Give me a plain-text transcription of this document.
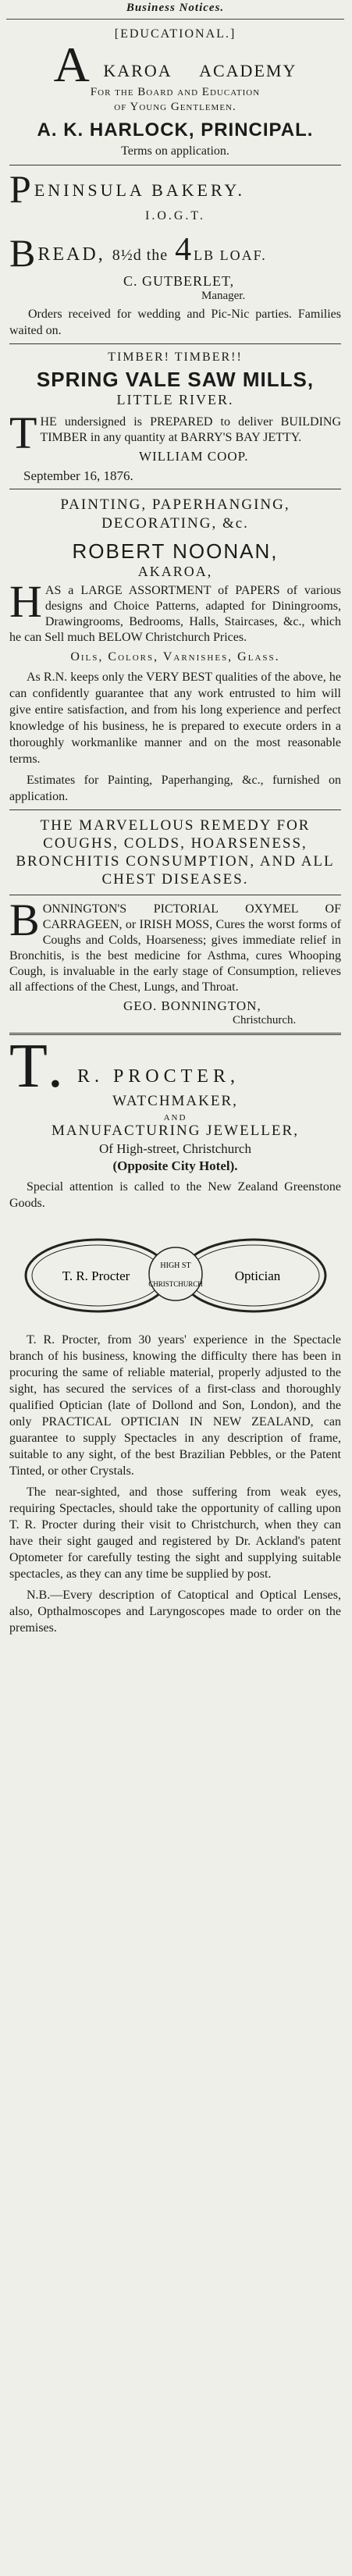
Business Notices.
[EDUCATIONAL.]
A KAROA ACADEMY
For the Board and Education
of Young Gentlemen.
A. K. HARLOCK, PRINCIPAL.
Terms on application.
PENINSULA BAKERY.
I.O.G.T.
BREAD, 8½d the 4LB LOAF.
C. GUTBERLET,
Manager.
Orders received for wedding and Pic-Nic parties. Families waited on.
TIMBER! TIMBER!!
SPRING VALE SAW MILLS,
LITTLE RIVER.
THE undersigned is PREPARED to deliver BUILDING TIMBER in any quantity at BARRY'S BAY JETTY.
WILLIAM COOP.
September 16, 1876.
PAINTING, PAPERHANGING, DECORATING, &c.
ROBERT NOONAN,
AKAROA,
HAS a LARGE ASSORTMENT of PAPERS of various designs and Choice Patterns, adapted for Diningrooms, Drawingrooms, Bedrooms, Halls, Staircases, &c., which he can Sell much BELOW Christchurch Prices.
Oils, Colors, Varnishes, Glass.
As R.N. keeps only the VERY BEST qualities of the above, he can confidently guarantee that any work entrusted to him will give entire satisfaction, and from his long experience and perfect knowledge of his business, he is prepared to execute orders in a thoroughly workmanlike manner and on the most reasonable terms.
Estimates for Painting, Paperhanging, &c., furnished on application.
THE MARVELLOUS REMEDY FOR COUGHS, COLDS, HOARSENESS, BRONCHITIS CONSUMPTION, AND ALL CHEST DISEASES.
BONNINGTON'S PICTORIAL OXYMEL OF CARRAGEEN, or IRISH MOSS, Cures the worst forms of Coughs and Colds, Hoarseness; gives immediate relief in Bronchitis, is the best medicine for Asthma, cures Whooping Cough, is invaluable in the early stage of Consumption, relieves all affections of the Chest, Lungs, and Throat.
GEO. BONNINGTON,
Christchurch.
T. R. PROCTER,
WATCHMAKER,
AND
MANUFACTURING JEWELLER,
Of High-street, Christchurch
(Opposite City Hotel).
Special attention is called to the New Zealand Greenstone Goods.
HIGH ST
CHRISTCHURCH
T. R. Procter	Optician
T. R. Procter, from 30 years' experience in the Spectacle branch of his business, knowing the difficulty there has been in procuring the same of reliable material, properly adjusted to the sight, has secured the services of a first-class and thoroughly qualified Optician (late of Dollond and Son, London), and the only PRACTICAL OPTICIAN IN NEW ZEALAND, can guarantee to supply Spectacles in any description of frame, suitable to any sight, of the best Brazilian Pebbles, or the Patent Tinted, or other Crystals.
The near-sighted, and those suffering from weak eyes, requiring Spectacles, should take the opportunity of calling upon T. R. Procter during their visit to Christchurch, when they can have their sight gauged and registered by Dr. Ackland's patent Optometer for carefully testing the sight and supplying suitable spectacles, as they can any time be supplied by post.
N.B.—Every description of Catoptical and Optical Lenses, also, Opthalmoscopes and Laryngoscopes made to order on the premises.
